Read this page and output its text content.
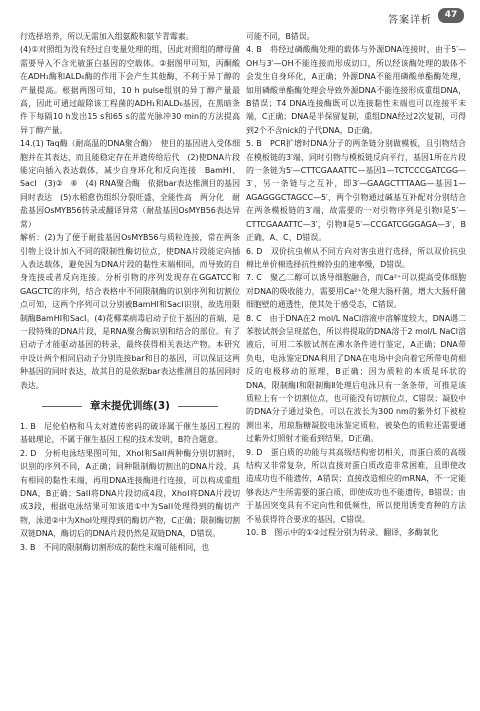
答案详析	47

行选择培养，所以无需加入组氨酸和氨苄青霉素。

(4)①对照组为没有经过自变量处理的组，因此对照组的酵母菌需要导入不含光敏蛋白基因的空载体。②据图甲可知，丙酮酸在ADH₁酶和ALD₆酶的作用下会产生其他酶，不利于异丁醇的产量提高。根据两图可知，10 h pulse组别的异丁醇产量最高，因此可通过敲除该工程菌的ADH₁和ALD₆基因，在黑暗条件下每隔10 h发出15 s和65 s的蓝光脉冲30 min的方法提高异丁醇产量。

14.(1) Taq酶（耐高温的DNA聚合酶）　使目的基因进入受体细胞并在其表达，而且能稳定存在并遗传给后代　(2)使DNA片段能定向插入表达载体，减少自身环化和反向连接　BamHⅠ、SacⅠ　(3)②　⑥　(4) RNA聚合酶　依据bar表达推测目的基因同时表达　(5)水稻愈伤组织分裂旺盛，全能性高　两分化　耐盐基因OsMYB56转录或翻译异常（耐盐基因OsMYB56表达异常）

解析：(2)为了便于耐盐基因OsMYB56与质粒连接，常在两条引物上设计加入不同的限制性酶切位点，使DNA片段能定向插入表达载体，避免因为DNA片段的黏性末端相同，而导致的自身连接或者反向连接。分析引物的序列发现存在GGATCC和GAGCTC的序列，结合表格中不同限制酶的识别序列和切割位点可知，这两个序列可以分别被BamHⅠ和SacⅠ识别，故选用限制酶BamHⅠ和SacⅠ。(4)花椰菜病毒启动子位于基因的首端，是一段特殊的DNA片段，是RNA聚合酶识别和结合的部位。有了启动子才能驱动基因的转录，最终获得相关表达产物。本研究中设计两个相同启动子分别连接bar和目的基因，可以保证这两种基因的同时表达，故其目的是依据bar表达推测目的基因同时表达。

章末提优训练(3)

1. B　尼伦伯格和马太对遗传密码的破译属于催生基因工程的基础理论，不属于催生基因工程的技术发明，B符合题意。

2. D　分析电泳结果图可知，XhoⅠ和SalⅠ两种酶分别切割时，识别的序列不同，A正确；同种限制酶切割出的DNA片段，具有相同的黏性末端，再用DNA连接酶进行连接，可以构成重组DNA，B正确；SalⅠ将DNA片段切成4段，XhoⅠ将DNA片段切成3段，根据电泳结果可知该道①中为SalⅠ处理得到的酶切产物，泳道②中为XhoⅠ处理得到的酶切产物，C正确；限制酶切割双链DNA，酶切后的DNA片段仍然是双链DNA，D错误。

3. B　不同的限制酶切割形成的黏性末端可能相同，也

可能不同，B错误。

4. B　将经过磷酸酶处理的载体与外源DNA连接时，由于5′—OH与3′—OH不能连接而形成切口，所以经该酶处理的载体不会发生自身环化，A正确；外源DNA不能用磷酸单酯酶处理，如用磷酸单酯酶处理会导致外源DNA不能连接形成重组DNA，B错误；T4 DNA连接酶既可以连接黏性末端也可以连接平末端，C正确；DNA是半保留复制，重组DNA经过2次复制，可得到2个不含nick的子代DNA，D正确。

5. B　PCR扩增时DNA分子的两条链分别做模板，且引物结合在模板链的3′端，同时引物与模板链反向平行，基因1所在片段的一条链为5′—CTTCGAAATTC—基因1—TCTCCCGATCGG—3′，另一条链与之互补，即3′—GAAGCTTTAAG—基因1—AGAGGGCTAGCC—5′，两个引物通过碱基互补配对分别结合在两条模板链的3′端，故需要的一对引物序列是引物Ⅰ是5′—CTTCGAAATTC—3′，引物Ⅱ是5′—CCGATCGGGAGA—3′，B正确，A、C、D错误。

6. D　双价抗虫棉从不同方向对害虫进行选择，所以双价抗虫棉比单价棉选择抗性棉铃虫的速率慢，D错误。

7. C　聚乙二醇可以诱导细胞融合，而Ca²⁺可以提高受体细胞对DNA的吸收能力，需要用Ca²⁺处理大肠杆菌，增大大肠杆菌细胞壁的通透性，使其处于感受态，C错误。

8. C　由于DNA在2 mol/L NaCl溶液中溶解度较大，DNA遇二苯胺试剂会呈现蓝色，所以将提取的DNA溶于2 mol/L NaCl溶液后，可用二苯胺试剂在沸水条件进行鉴定，A正确；DNA带负电，电泳鉴定DNA利用了DNA在电场中会向着它所带电荷相反的电极移动的原理，B正确；因为质粒的本质是环状的DNA，限制酶Ⅰ和限制酶Ⅱ处理后电泳只有一条条带，可推是该质粒上有一个切割位点，也可能没有切割位点，C错误；凝胶中的DNA分子通过染色，可以在波长为300 nm的紫外灯下被检测出来，用琼脂糖凝胶电泳鉴定质粒，被染色的质粒还需要通过紫外灯照射才能看到结果，D正确。

9. D　蛋白质的功能与其高级结构密切相关，而蛋白质的高级结构又非常复杂，所以直接对蛋白质改造非常困难，且即使改造成功也不能遗传，A错误；直接改造相应的mRNA，不一定能够表达产生所需要的蛋白质，即使成功也不能遗传，B错误；由于基因突变具有不定向性和低频性，所以使用诱变育种的方法不易获得符合要求的基因，C错误。

10. B　图示中的①②过程分别为转录、翻译，多酶氧化
